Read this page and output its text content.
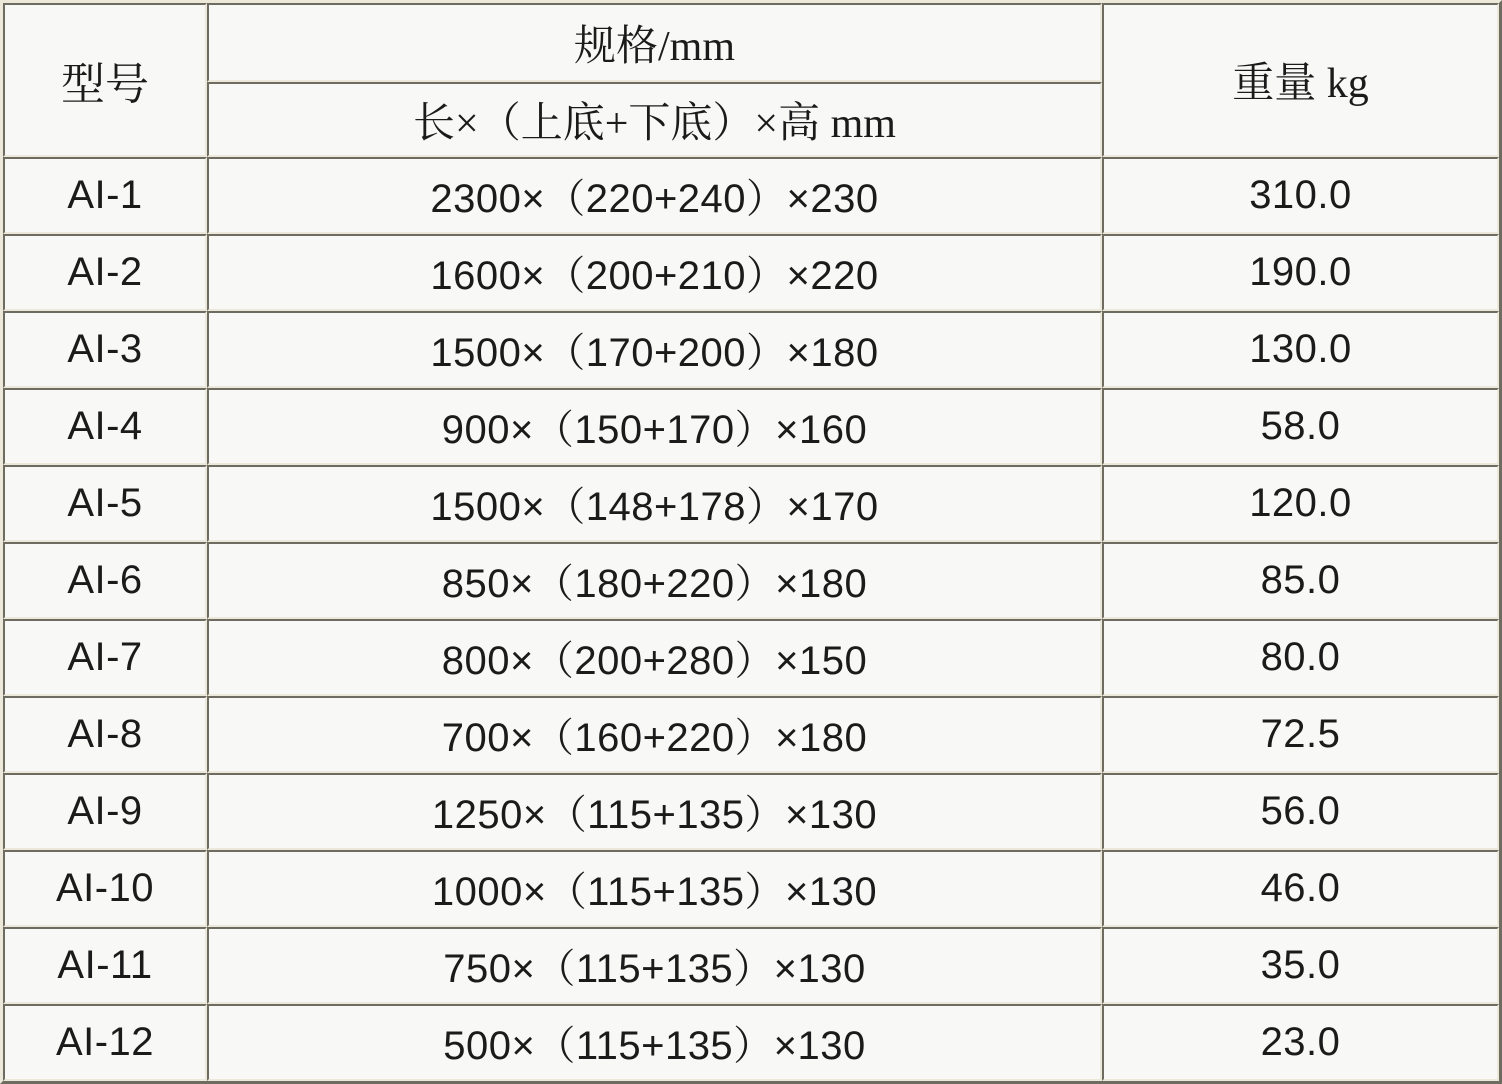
型号	规格/mm	重量 kg
	长×（上底+下底）×高 mm	
AI-1	2300×（220+240）×230	310.0
AI-2	1600×（200+210）×220	190.0
AI-3	1500×（170+200）×180	130.0
AI-4	900×（150+170）×160	58.0
AI-5	1500×（148+178）×170	120.0
AI-6	850×（180+220）×180	85.0
AI-7	800×（200+280）×150	80.0
AI-8	700×（160+220）×180	72.5
AI-9	1250×（115+135）×130	56.0
AI-10	1000×（115+135）×130	46.0
AI-11	750×（115+135）×130	35.0
AI-12	500×（115+135）×130	23.0
